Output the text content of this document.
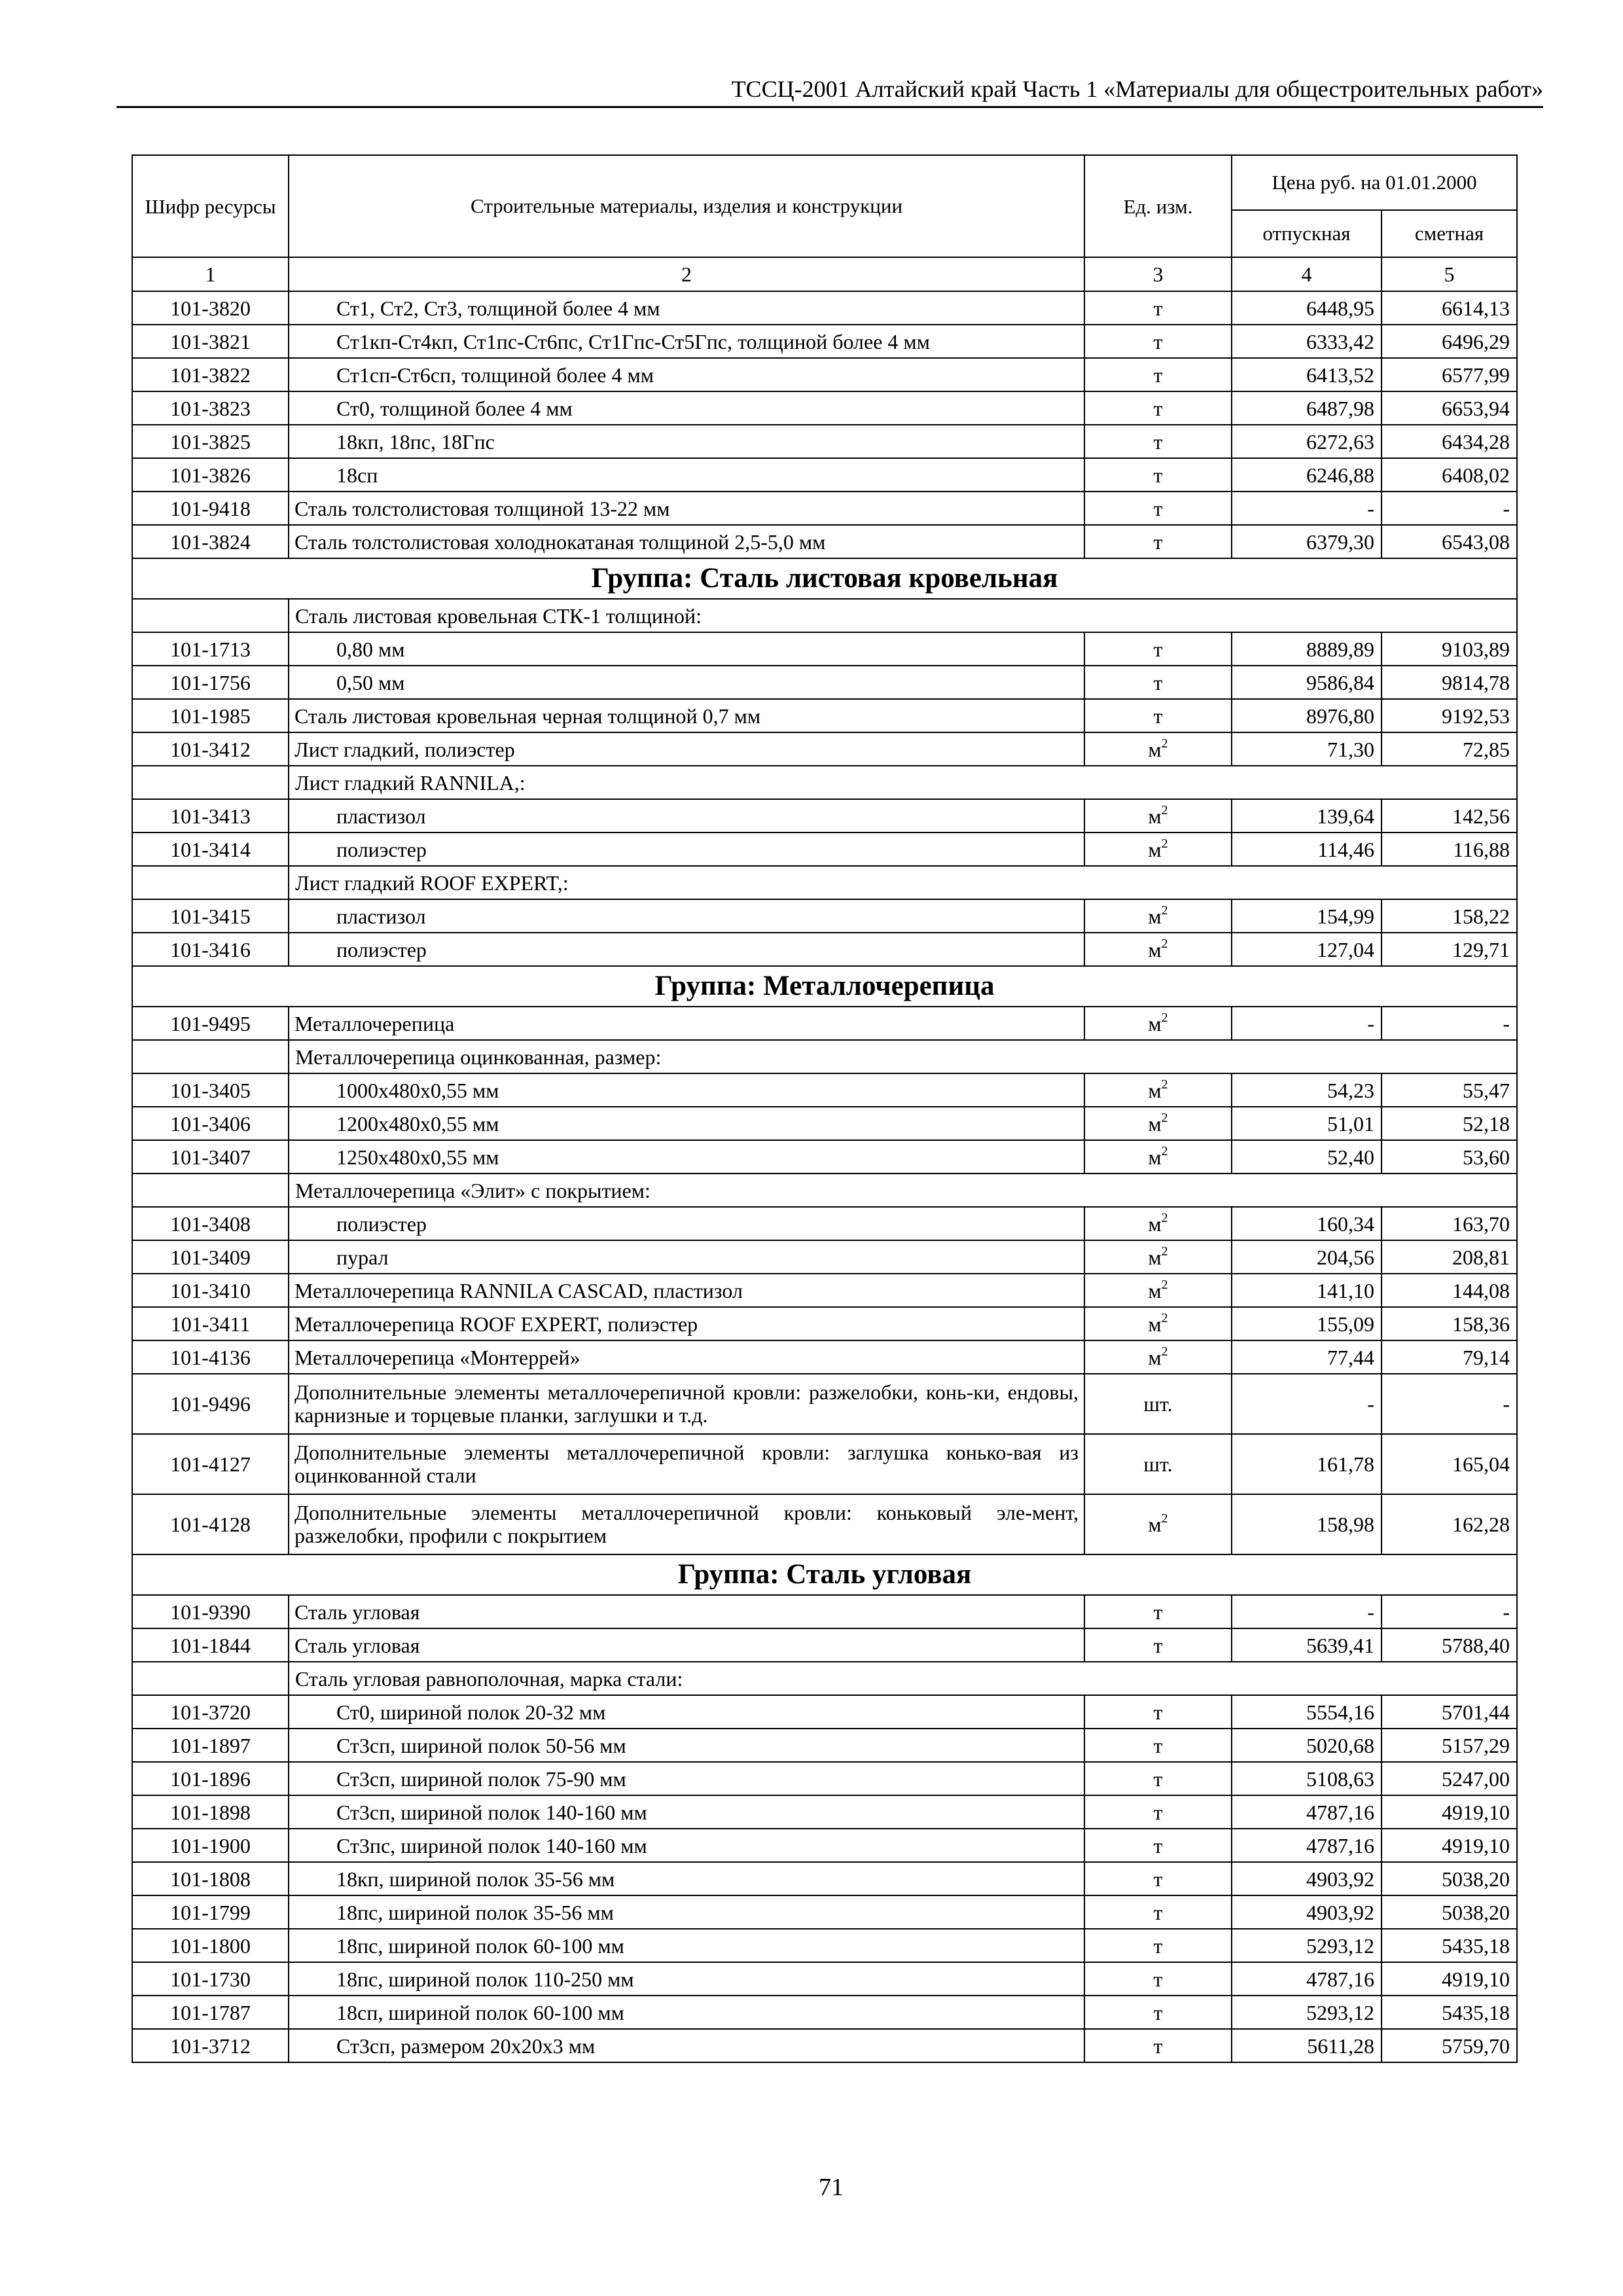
ТССЦ-2001 Алтайский край Часть 1 «Материалы для общестроительных работ»
Шифр ресурсы	Строительные материалы, изделия и конструкции	Ед. изм.	Цена руб. на 01.01.2000	
			отпускная	сметная
1	2	3	4	5
101-3820	Ст1, Ст2, Ст3, толщиной более 4 мм	т	6448,95	6614,13
101-3821	Ст1кп-Ст4кп, Ст1пс-Ст6пс, Ст1Гпс-Ст5Гпс, толщиной более 4 мм	т	6333,42	6496,29
101-3822	Ст1сп-Ст6сп, толщиной более 4 мм	т	6413,52	6577,99
101-3823	Ст0, толщиной более 4 мм	т	6487,98	6653,94
101-3825	18кп, 18пс, 18Гпс	т	6272,63	6434,28
101-3826	18сп	т	6246,88	6408,02
101-9418	Сталь толстолистовая толщиной 13-22 мм	т	-	-
101-3824	Сталь толстолистовая холоднокатаная толщиной 2,5-5,0 мм	т	6379,30	6543,08
Группа: Сталь листовая кровельная				
Сталь листовая кровельная СТК-1 толщиной:				
101-1713	0,80 мм	т	8889,89	9103,89
101-1756	0,50 мм	т	9586,84	9814,78
101-1985	Сталь листовая кровельная черная толщиной 0,7 мм	т	8976,80	9192,53
101-3412	Лист гладкий, полиэстер	$м^2$	71,30	72,85
Лист гладкий RANNILA,:				
101-3413	пластизол	$м^2$	139,64	142,56
101-3414	полиэстер	$м^2$	114,46	116,88
Лист гладкий ROOF EXPERT,:				
101-3415	пластизол	$м^2$	154,99	158,22
101-3416	полиэстер	$м^2$	127,04	129,71
Группа: Металлочерепица				
101-9495	Металлочерепица	$м^2$	-	-
Металлочерепица оцинкованная, размер:				
101-3405	1000x480x0,55 мм	$м^2$	54,23	55,47
101-3406	1200x480x0,55 мм	$м^2$	51,01	52,18
101-3407	1250x480x0,55 мм	$м^2$	52,40	53,60
Металлочерепица «Элит» с покрытием:				
101-3408	полиэстер	$м^2$	160,34	163,70
101-3409	пурал	$м^2$	204,56	208,81
101-3410	Металлочерепица RANNILA CASCAD, пластизол	$м^2$	141,10	144,08
101-3411	Металлочерепица ROOF EXPERT, полиэстер	$м^2$	155,09	158,36
101-4136	Металлочерепица «Монтеррей»	$м^2$	77,44	79,14
101-9496	Дополнительные элементы металлочерепичной кровли: разжелобки, конь-ки, ендовы, карнизные и торцевые планки, заглушки и т.д.	шт.	-	-
101-4127	Дополнительные элементы металлочерепичной кровли: заглушка конько-вая из оцинкованной стали	шт.	161,78	165,04
101-4128	Дополнительные элементы металлочерепичной кровли: коньковый эле-мент, разжелобки, профили с покрытием	$м^2$	158,98	162,28
Группа: Сталь угловая				
101-9390	Сталь угловая	т	-	-
101-1844	Сталь угловая	т	5639,41	5788,40
Сталь угловая равнополочная, марка стали:				
101-3720	Ст0, шириной полок 20-32 мм	т	5554,16	5701,44
101-1897	Ст3сп, шириной полок 50-56 мм	т	5020,68	5157,29
101-1896	Ст3сп, шириной полок 75-90 мм	т	5108,63	5247,00
101-1898	Ст3сп, шириной полок 140-160 мм	т	4787,16	4919,10
101-1900	Ст3пс, шириной полок 140-160 мм	т	4787,16	4919,10
101-1808	18кп, шириной полок 35-56 мм	т	4903,92	5038,20
101-1799	18пс, шириной полок 35-56 мм	т	4903,92	5038,20
101-1800	18пс, шириной полок 60-100 мм	т	5293,12	5435,18
101-1730	18пс, шириной полок 110-250 мм	т	4787,16	4919,10
101-1787	18сп, шириной полок 60-100 мм	т	5293,12	5435,18
101-3712	Ст3сп, размером 20x20x3 мм	т	5611,28	5759,70
71
